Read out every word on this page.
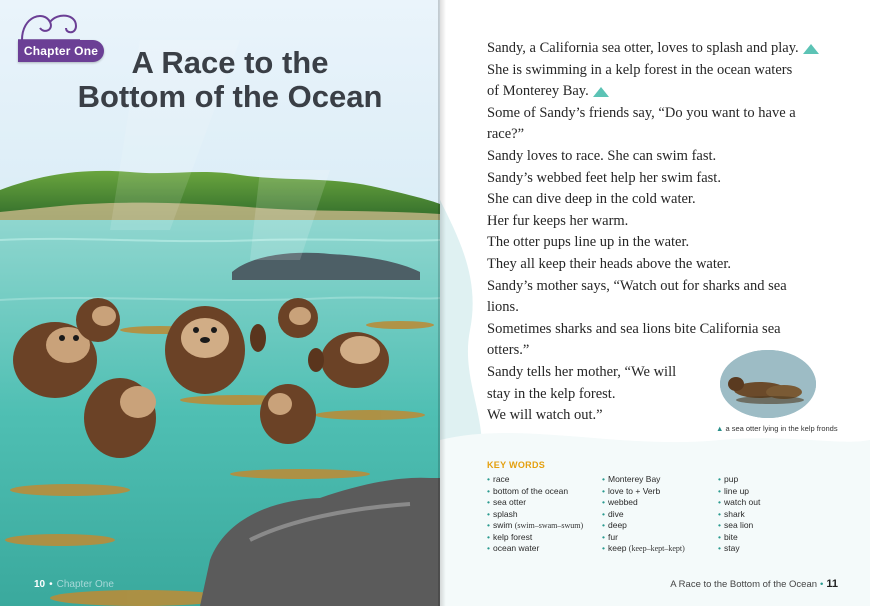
Chapter One	A Race to the
Bottom of the Ocean
10 • Chapter One
Sandy, a California sea otter, loves to splash and play.
She is swimming in a kelp forest in the ocean waters
of Monterey Bay.
Some of Sandy’s friends say, “Do you want to have a
race?”
Sandy loves to race. She can swim fast.
Sandy’s webbed feet help her swim fast.
She can dive deep in the cold water.
Her fur keeps her warm.
The otter pups line up in the water.
They all keep their heads above the water.
Sandy’s mother says, “Watch out for sharks and sea
lions.
Sometimes sharks and sea lions bite California sea
otters.”
Sandy tells her mother, “We will
stay in the kelp forest.
We will watch out.”
▲ a sea otter lying in the kelp fronds
KEY WORDS
• race
• bottom of the ocean
• sea otter
• splash
• swim (swim–swam–swum)
• kelp forest
• ocean water
• Monterey Bay
• love to + Verb
• webbed
• dive
• deep
• fur
• keep (keep–kept–kept)
• pup
• line up
• watch out
• shark
• sea lion
• bite
• stay
A Race to the Bottom of the Ocean • 11
